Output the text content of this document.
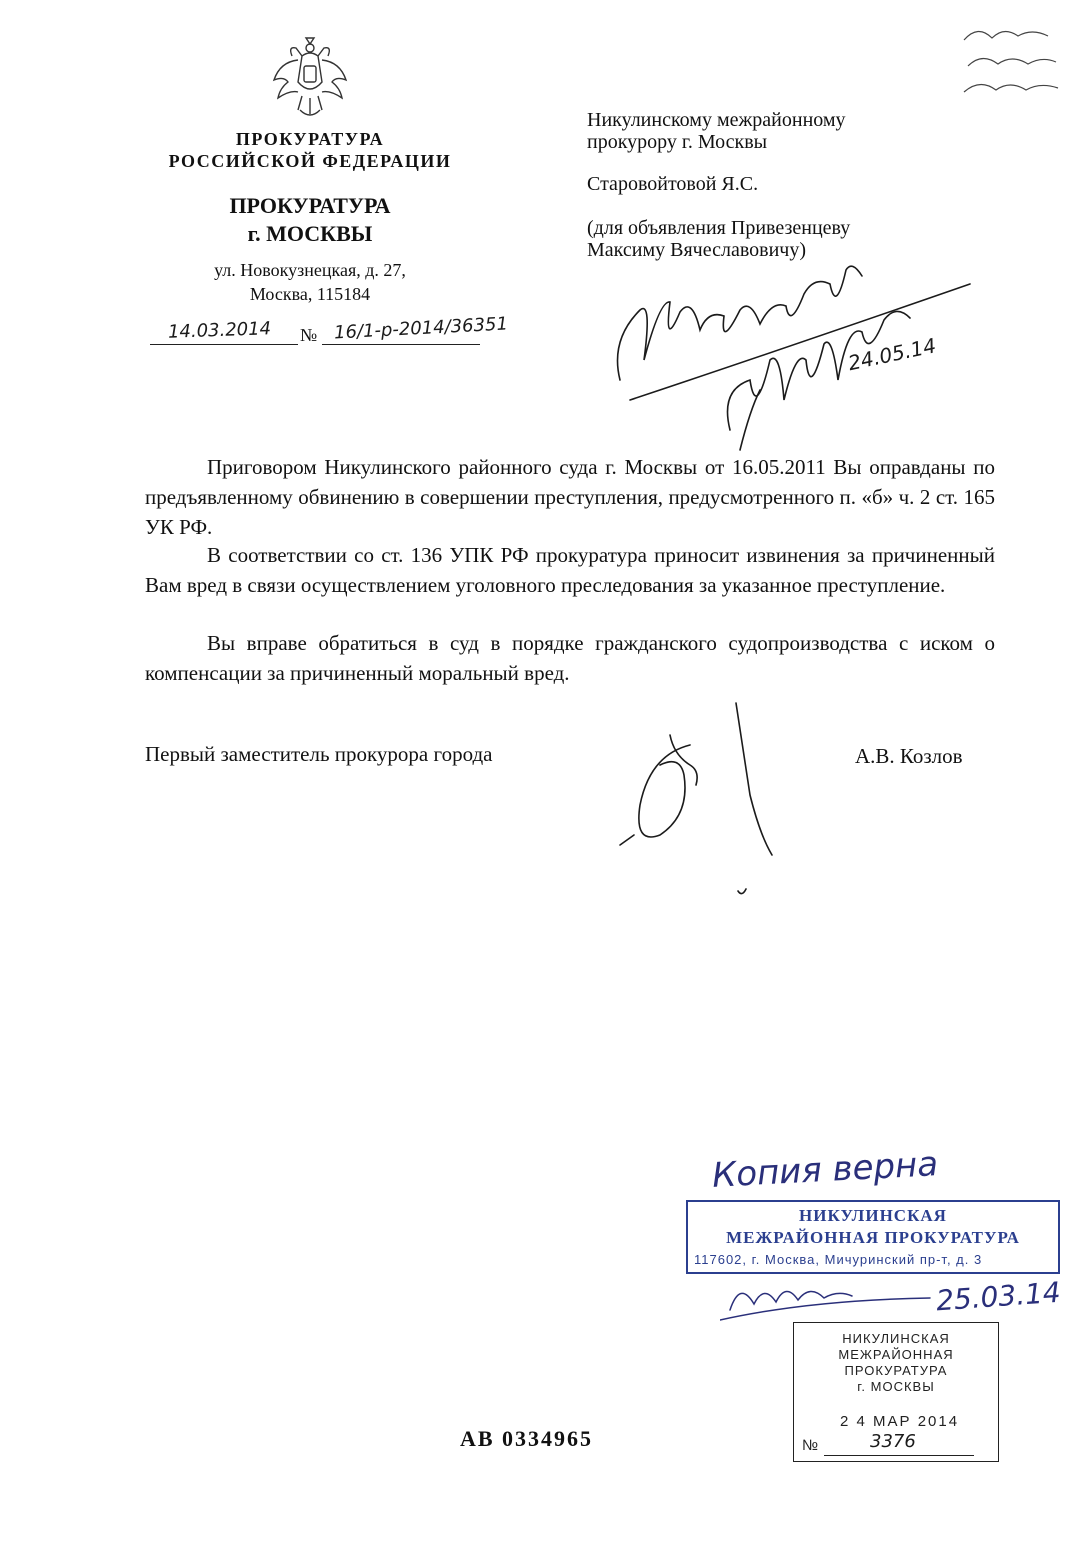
ПРОКУРАТУРА
РОССИЙСКОЙ ФЕДЕРАЦИИ
ПРОКУРАТУРА
г. МОСКВЫ
ул. Новокузнецкая, д. 27,
Москва, 115184
14.03.2014 № 16/1-р-2014/36351
Никулинскому межрайонному
прокурору г. Москвы
Старовойтовой Я.С.
(для объявления Привезенцеву
Максиму Вячеславовичу)
24.05.14
Приговором Никулинского районного суда г. Москвы от 16.05.2011 Вы оправданы по предъявленному обвинению в совершении преступления, предусмотренного п. «б» ч. 2 ст. 165 УК РФ.
В соответствии со ст. 136 УПК РФ прокуратура приносит извинения за причиненный Вам вред в связи осуществлением уголовного преследования за указанное преступление.
Вы вправе обратиться в суд в порядке гражданского судопроизводства с иском о компенсации за причиненный моральный вред.
Первый заместитель прокурора города	А.В. Козлов
Копия верна
НИКУЛИНСКАЯ
МЕЖРАЙОННАЯ ПРОКУРАТУРА
117602, г. Москва, Мичуринский пр-т, д. 3
25.03.14
НИКУЛИНСКАЯ
МЕЖРАЙОННАЯ
ПРОКУРАТУРА
г. МОСКВЫ
2 4 МАР 2014
№	3376
АВ 0334965
